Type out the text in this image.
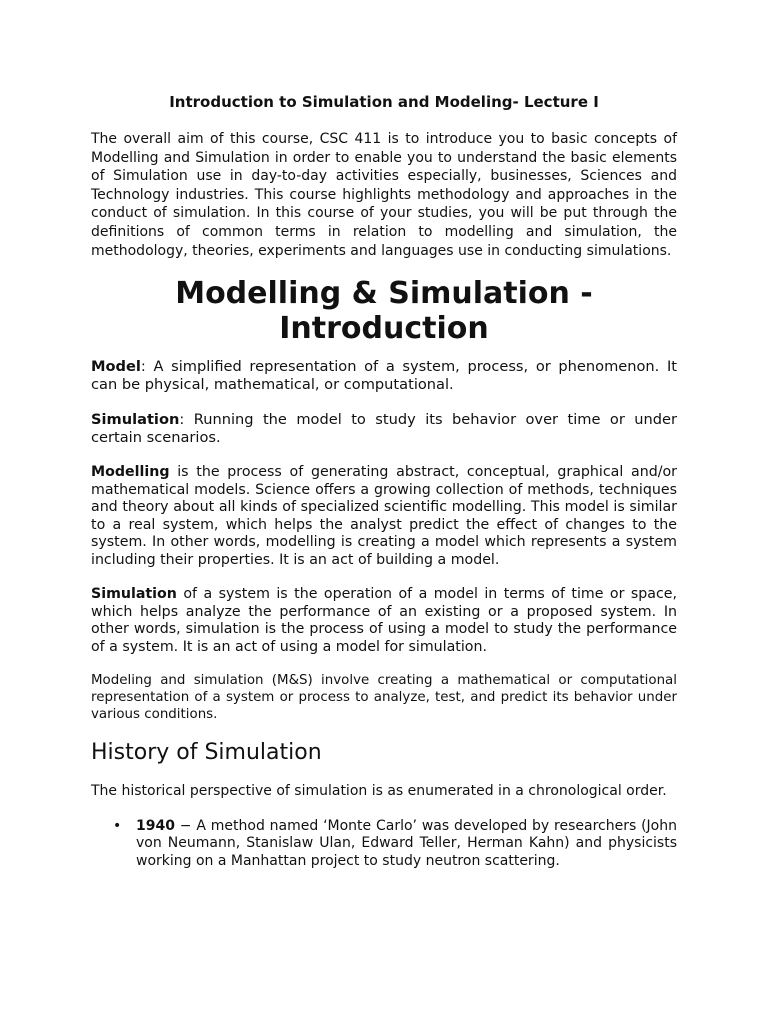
Introduction to Simulation and Modeling- Lecture I

The overall aim of this course, CSC 411 is to introduce you to basic concepts of Modelling and Simulation in order to enable you to understand the basic elements of Simulation use in day-to-day activities especially, businesses, Sciences and Technology industries. This course highlights methodology and approaches in the conduct of simulation. In this course of your studies, you will be put through the definitions of common terms in relation to modelling and simulation, the methodology, theories, experiments and languages use in conducting simulations.

Modelling & Simulation -
Introduction

Model: A simplified representation of a system, process, or phenomenon. It can be physical, mathematical, or computational.

Simulation: Running the model to study its behavior over time or under certain scenarios.

Modelling is the process of generating abstract, conceptual, graphical and/or mathematical models. Science offers a growing collection of methods, techniques and theory about all kinds of specialized scientific modelling. This model is similar to a real system, which helps the analyst predict the effect of changes to the system. In other words, modelling is creating a model which represents a system including their properties. It is an act of building a model.

Simulation of a system is the operation of a model in terms of time or space, which helps analyze the performance of an existing or a proposed system. In other words, simulation is the process of using a model to study the performance of a system. It is an act of using a model for simulation.

Modeling and simulation (M&S) involve creating a mathematical or computational representation of a system or process to analyze, test, and predict its behavior under various conditions.

History of Simulation

The historical perspective of simulation is as enumerated in a chronological order.

• 1940 − A method named ‘Monte Carlo’ was developed by researchers (John von Neumann, Stanislaw Ulan, Edward Teller, Herman Kahn) and physicists working on a Manhattan project to study neutron scattering.
